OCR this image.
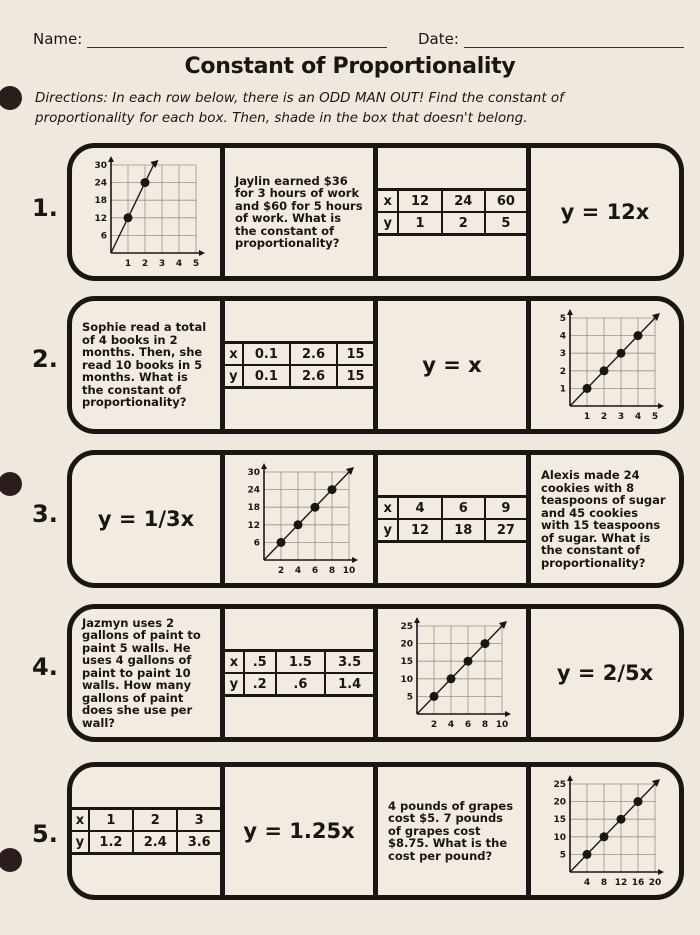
Name:	Date:
Constant of Proportionality
Directions: In each row below, there is an ODD MAN OUT! Find the constant of proportionality for each box. Then, shade in the box that doesn't belong.
1.
1 2 3 4 5
30
24
18
12
6
Jaylin earned $36 for 3 hours of work and $60 for 5 hours of work. What is the constant of proportionality?
x	12	24	60
y	1	2	5 y = 12x
2.
Sophie read a total of 4 books in 2 months. Then, she read 10 books in 5 months. What is the constant of proportionality?
x	0.1	2.6	15
y	0.1	2.6	15	y = x
1 2 3 4 5
5
4
3
2
1
3. y = 1/3x
2 4 6 8 10
30
24
18
12
6
x	4	6	9
y	12	18	27
Alexis made 24 cookies with 8 teaspoons of sugar and 45 cookies with 15 teaspoons of sugar. What is the constant of proportionality?
4.
Jazmyn uses 2 gallons of paint to paint 5 walls. He uses 4 gallons of paint to paint 10 walls. How many gallons of paint does she use per wall?
x	.5	1.5	3.5
y	.2	.6	1.4
2 4 6 8 10
25
20
15
10
5
y = 2/5x
5. x	1	2	3
y	1.2	2.4	3.6 y = 1.25x
4 pounds of grapes cost $5. 7 pounds of grapes cost $8.75. What is the cost per pound?
4 8 12 16 20
25
20
15
10
5
